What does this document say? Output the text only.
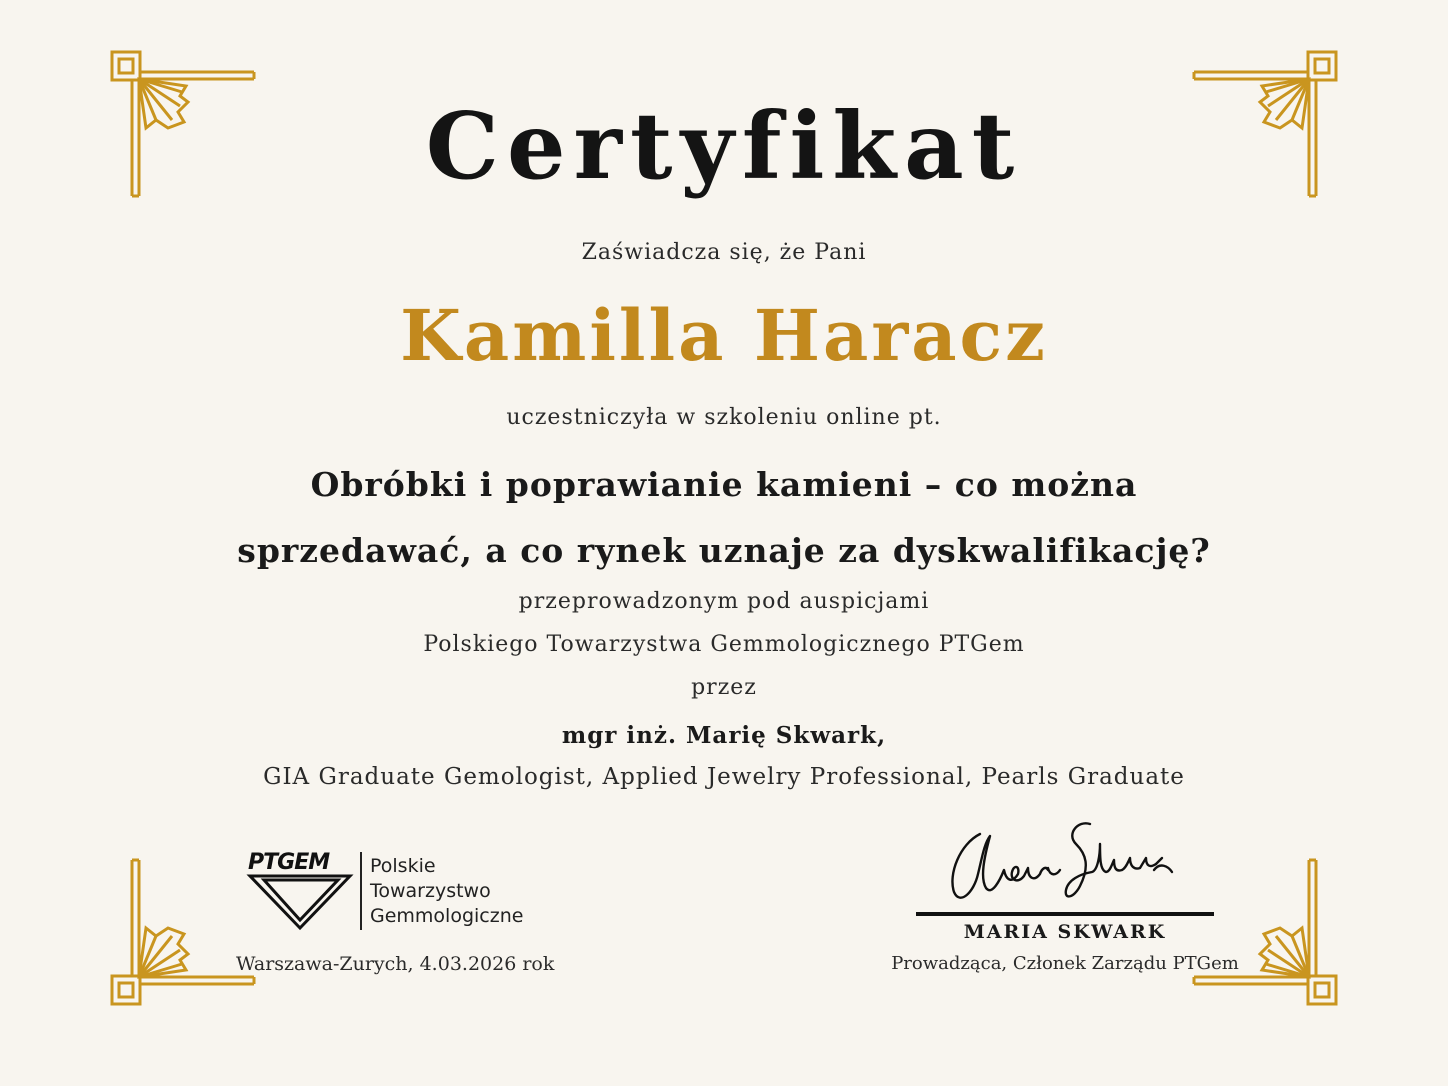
Certyfikat

Zaświadcza się, że Pani

Kamilla Haracz

uczestniczyła w szkoleniu online pt.

Obróbki i poprawianie kamieni – co można
sprzedawać, a co rynek uznaje za dyskwalifikację?

przeprowadzonym pod auspicjami

Polskiego Towarzystwa Gemmologicznego PTGem

przez

mgr inż. Marię Skwark,

GIA Graduate Gemologist, Applied Jewelry Professional, Pearls Graduate

PTGEM Polskie
Towarzystwo
Gemmologiczne
Warszawa-Zurych, 4.03.2026 rok
MARIA SKWARK
Prowadząca, Członek Zarządu PTGem
